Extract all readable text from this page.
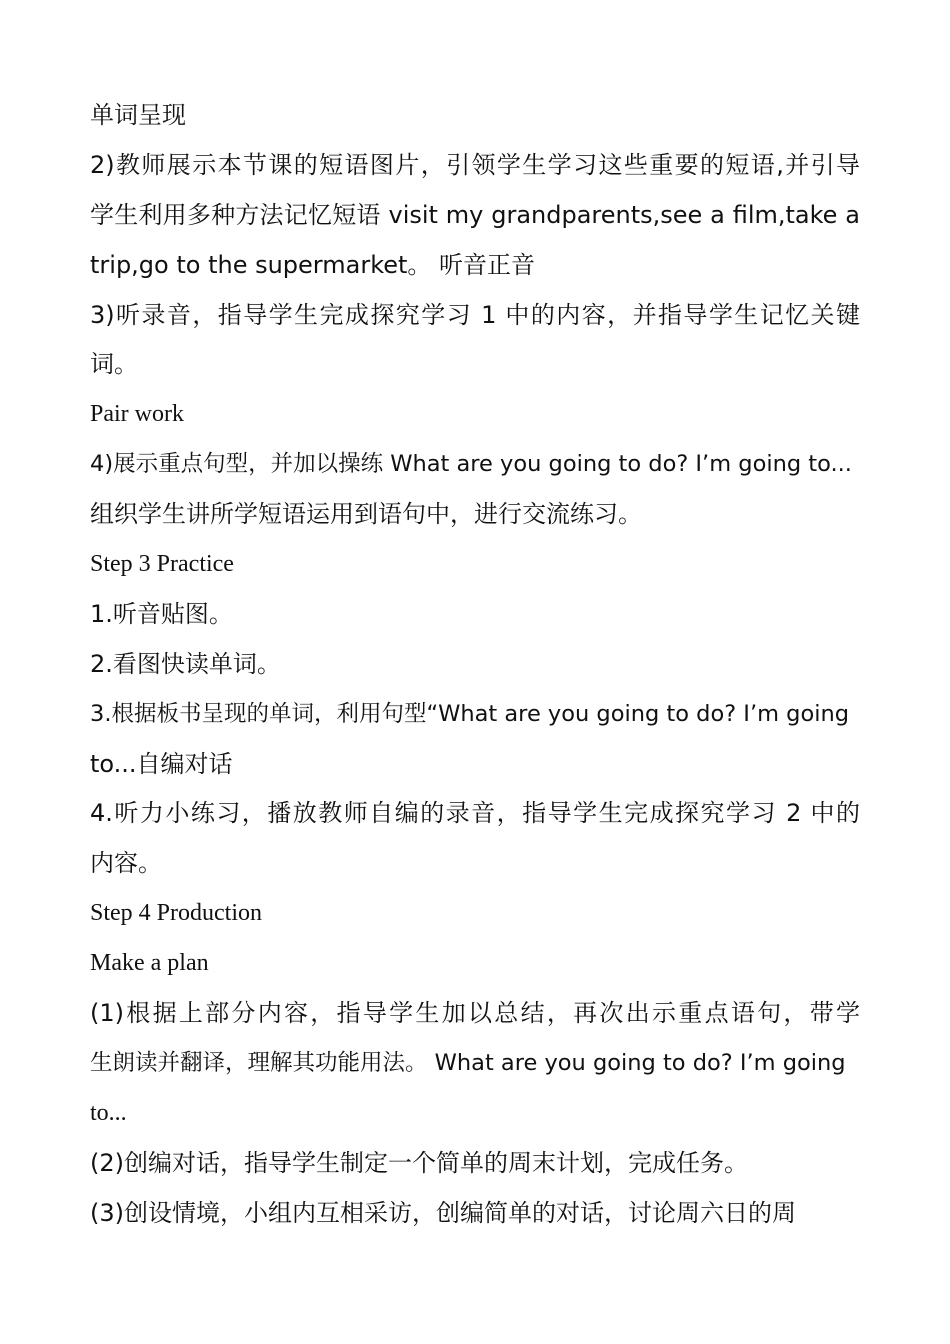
单词呈现
2)教师展示本节课的短语图片，引领学生学习这些重要的短语,并引导
学生利用多种方法记忆短语 visit my grandparents,see a film,take a
trip,go to the supermarket。 听音正音
3)听录音，指导学生完成探究学习 1 中的内容，并指导学生记忆关键
词。
Pair work
4)展示重点句型，并加以操练 What are you going to do? I’m going to...
组织学生讲所学短语运用到语句中，进行交流练习。
Step 3 Practice
1.听音贴图。
2.看图快读单词。
3.根据板书呈现的单词，利用句型“What are you going to do? I’m going
to...自编对话
4.听力小练习，播放教师自编的录音，指导学生完成探究学习 2 中的
内容。
Step 4 Production
Make a plan
(1)根据上部分内容，指导学生加以总结，再次出示重点语句，带学
生朗读并翻译，理解其功能用法。 What are you going to do? I’m going
to...
(2)创编对话，指导学生制定一个简单的周末计划，完成任务。
(3)创设情境，小组内互相采访，创编简单的对话，讨论周六日的周
